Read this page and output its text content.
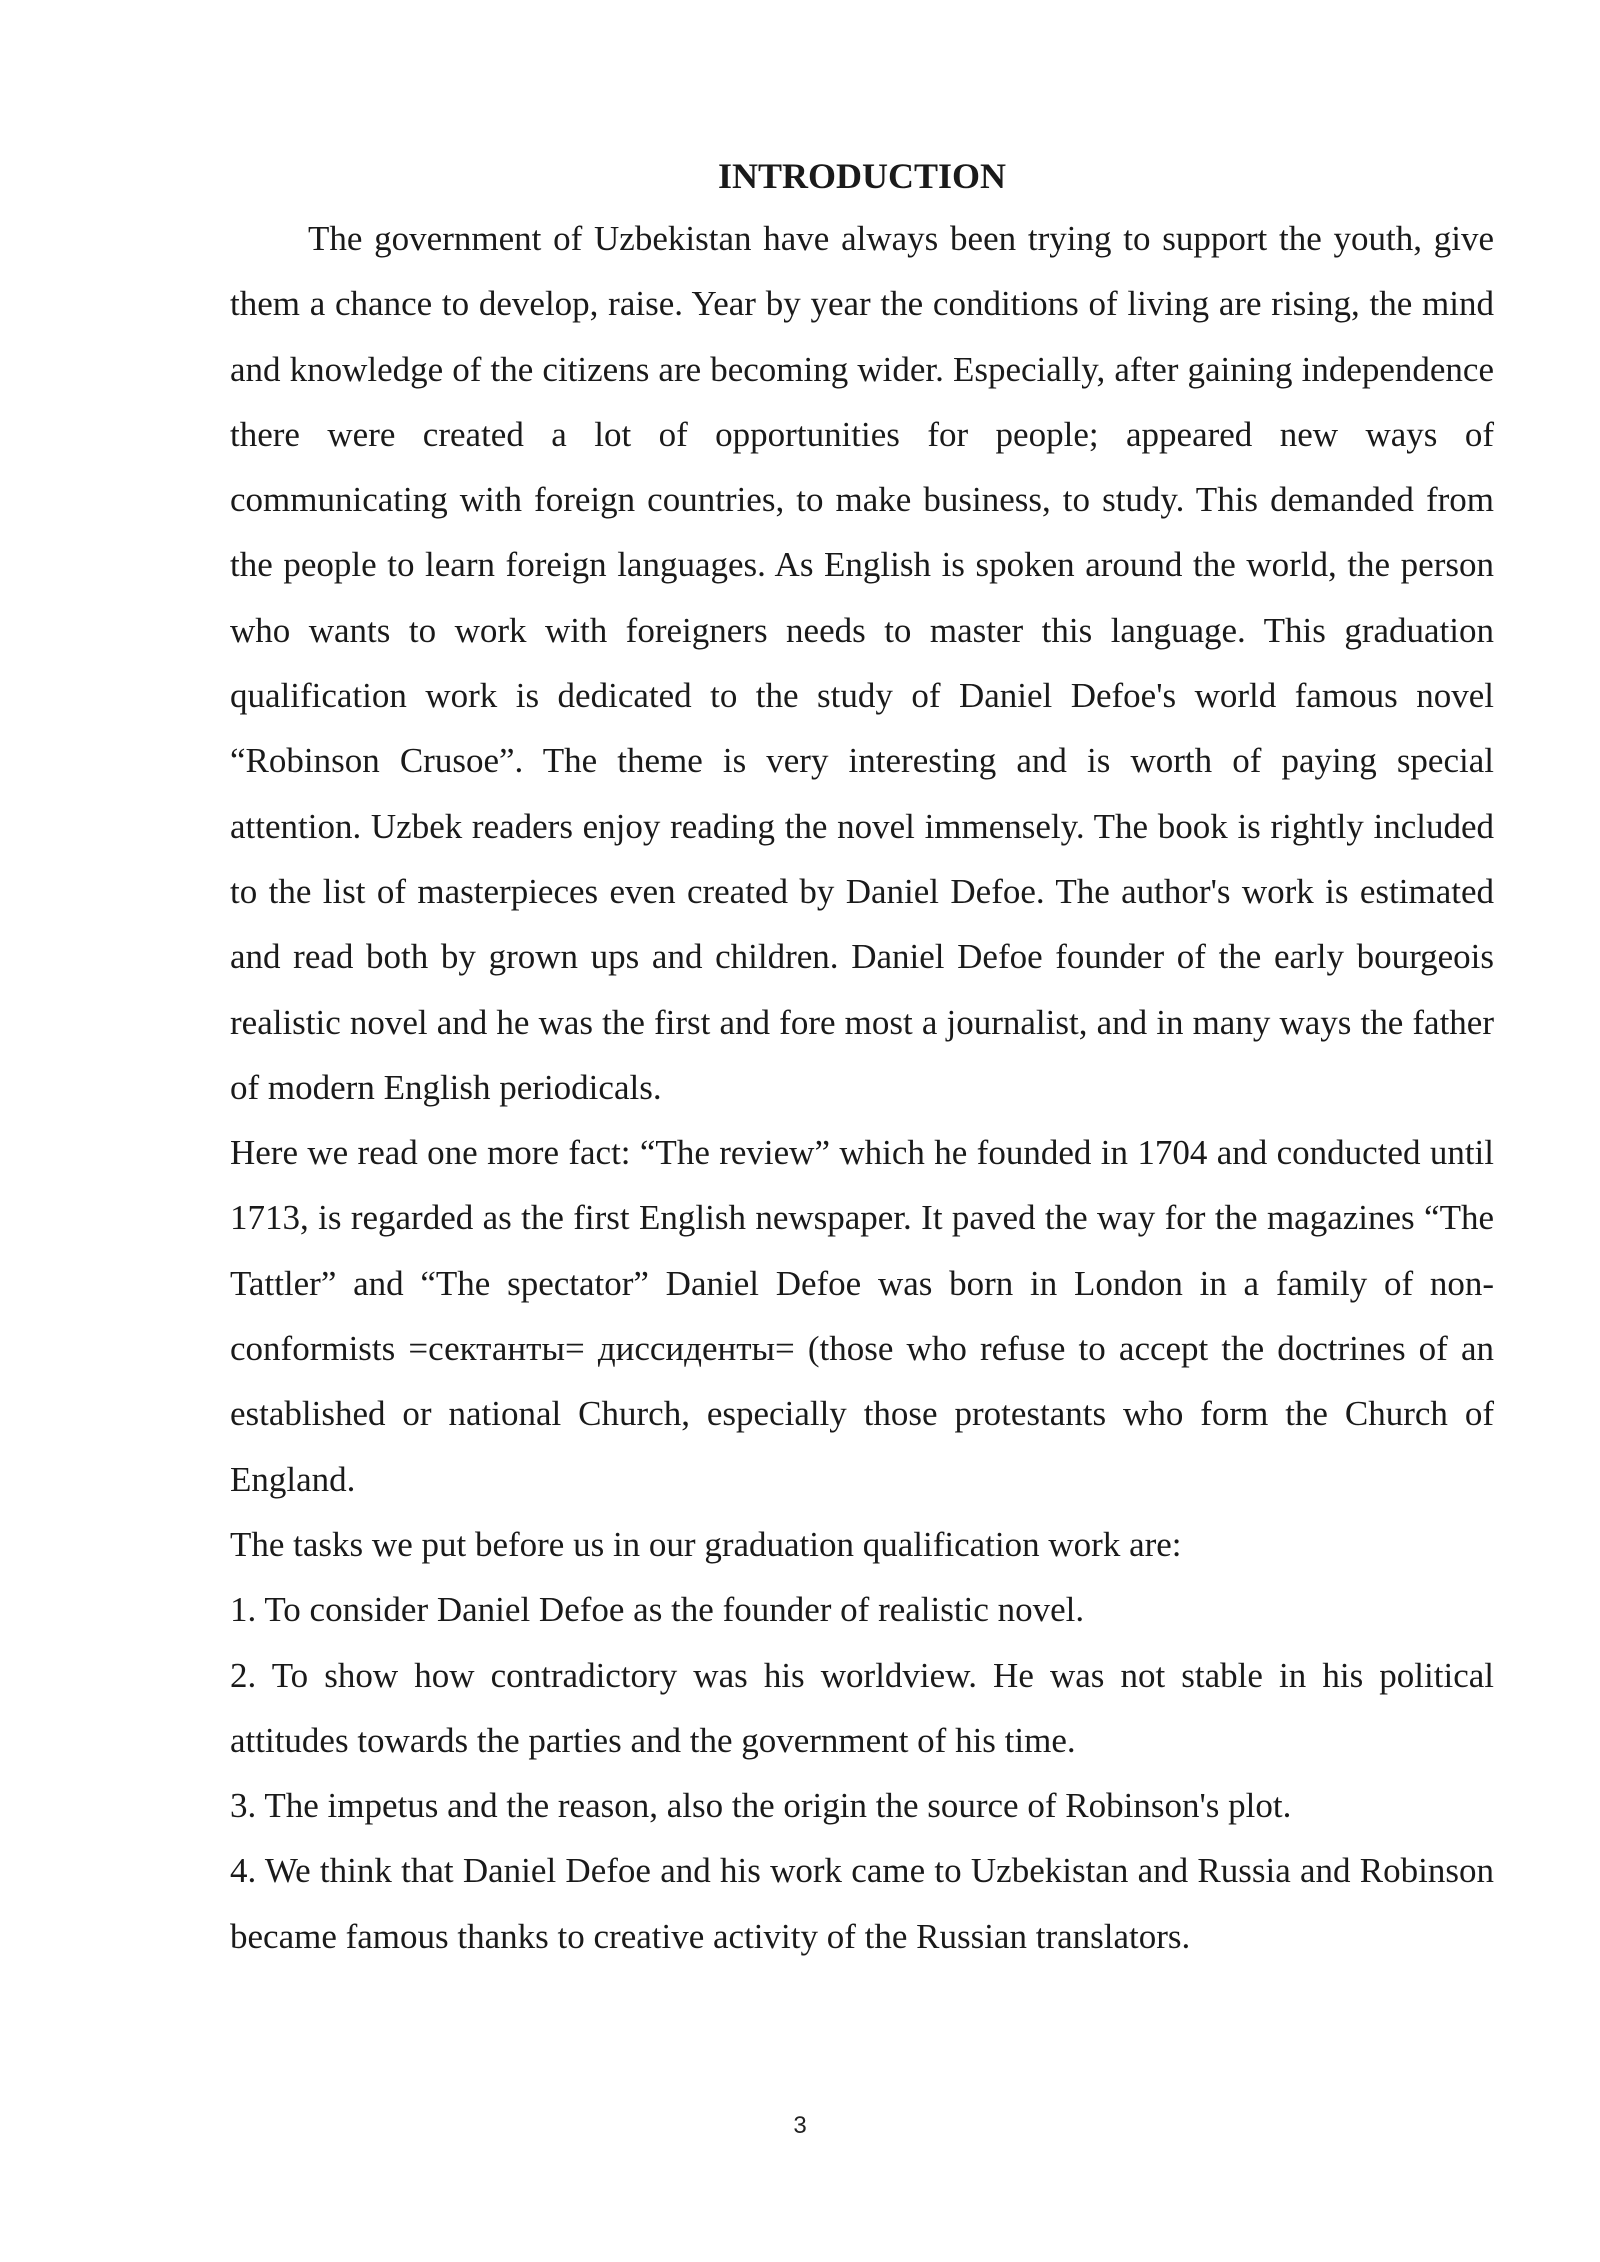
INTRODUCTION

The government of Uzbekistan have always been trying to support the youth, give them a chance to develop, raise. Year by year the conditions of living are rising, the mind and knowledge of the citizens are becoming wider. Especially, after gaining independence there were created a lot of opportunities for people; appeared new ways of communicating with foreign countries, to make business, to study. This demanded from the people to learn foreign languages. As English is spoken around the world, the person who wants to work with foreigners needs to master this language. This graduation qualification work is dedicated to the study of Daniel Defoe's world famous novel “Robinson Crusoe”. The theme is very interesting and is worth of paying special attention. Uzbek readers enjoy reading the novel immensely. The book is rightly included to the list of masterpieces even created by Daniel Defoe. The author's work is estimated and read both by grown ups and children. Daniel Defoe founder of the early bourgeois realistic novel and he was the first and fore most a journalist, and in many ways the father of modern English periodicals.

Here we read one more fact: “The review” which he founded in 1704 and conducted until 1713, is regarded as the first English newspaper. It paved the way for the magazines “The Tattler” and “The spectator” Daniel Defoe was born in London in a family of non-conformists =сектанты= диссиденты= (those who refuse to accept the doctrines of an established or national Church, especially those protestants who form the Church of England.

The tasks we put before us in our graduation qualification work are:

1. To consider Daniel Defoe as the founder of realistic novel.

2. To show how contradictory was his worldview. He was not stable in his political attitudes towards the parties and the government of his time.

3. The impetus and the reason, also the origin the source of Robinson's plot.

4. We think that Daniel Defoe and his work came to Uzbekistan and Russia and Robinson became famous thanks to creative activity of the Russian translators.

3
